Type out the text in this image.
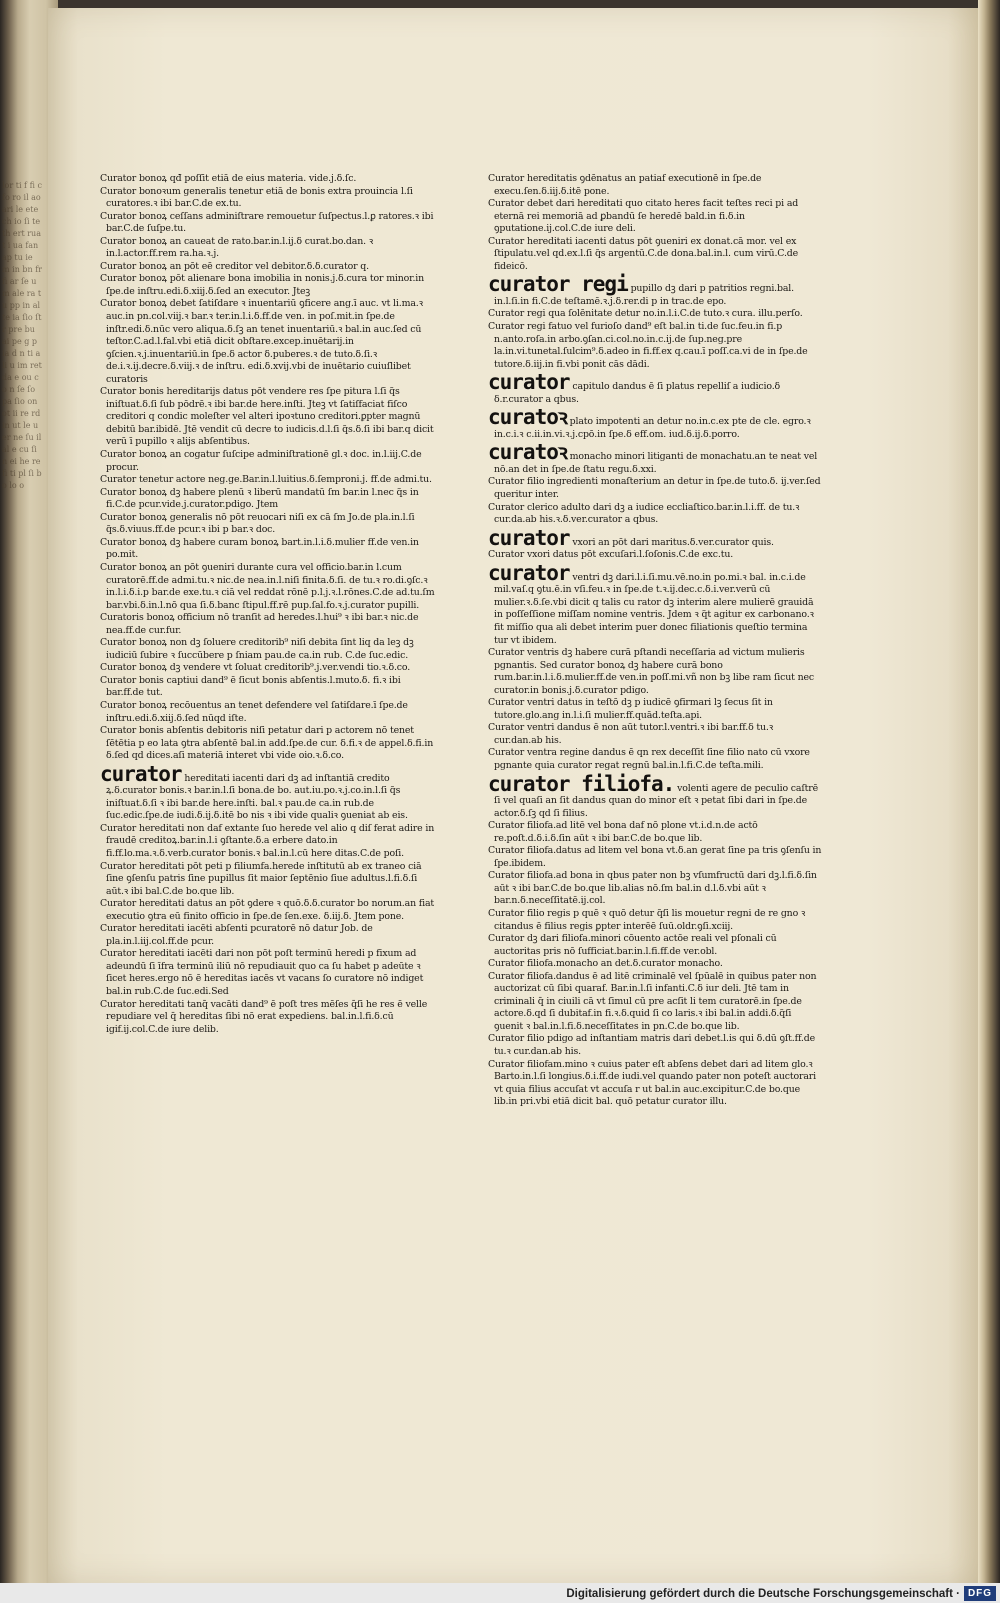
lor ti f fi c fo ro il ao ari le ete ch io ſi te th ert ruat i ua fan ap tu ie m in bn fr fi ar ſe um ale ra tu pp in al te ia ſio ſtr pre bu ai pe g p ia d n ti ali u im ret da e ou co n ſe ſo pa ſio on ot ii re rd in ut le uer ne ſu il al e cu ſi n ei he re fi ti pl ſi bo lo o
Curator bonoꝝ qđ poſſit etiā de eius materia. vide.j.ẟ.ſc.
Curator bonoꝛum generalis tenetur etiā de bonis extra prouincia l.ſi curatores.ꝛ ibi bar.C.de ex.tu.
Curator bonoꝝ ceſſans adminiſtrare remouetur ſuſpectus.l.ꝑ ratores.ꝛ ibi bar.C.de ſuſpe.tu.
Curator bonoꝝ an caueat de rato.bar.in.l.ij.ẟ curat.bo.dan. ꝛ in.l.actor.ff.rem ra.ha.ꝛ.j.
Curator bonoꝝ an pōt eē creditor vel debitor.ẟ.ẟ.curator q.
Curator bonoꝝ pōt alienare bona imobilia in nonis.j.ẟ.cura tor minor.in ſpe.de inſtru.edi.ẟ.xiij.ẟ.ſed an executor. Jteꝫ
Curator bonoꝝ debet ſatiſdare ꝛ inuentariū ꝯficere ang.ī auc. vt li.ma.ꝛ auc.in pn.col.viij.ꝛ bar.ꝛ ter.in.l.i.ẟ.ff.de ven. in poſ.mit.in ſpe.de inſtr.edi.ẟ.nūc vero aliqua.ẟ.ſꝫ an tenet inuentariū.ꝛ bal.in auc.ſed cū teſtor.C.ad.l.fal.vbi etiā dicit obſtare.excep.inuētarij.in ꝯſcien.ꝛ.j.inuentariū.in ſpe.ẟ actor ẟ.puberes.ꝛ de tuto.ẟ.ſi.ꝛ de.i.ꝛ.ij.decre.ẟ.viij.ꝛ de inſtru. edi.ẟ.xvij.vbi de inuētario cuiuſlibet curatoris
Curator bonis hereditarijs datus pōt vendere res ſpe pitura l.ſi q̃s iniſtuat.ẟ.ſi ſub pōdrē.ꝛ ibi bar.de here.inſti. Jteꝫ vt ſatiſfaciat fiſco creditori q condic moleſter vel alteri ipoꝛtuno creditori.ꝑpter magnū debitū bar.ibidē. Jtē vendit cū decre to iudicis.d.l.ſi q̃s.ẟ.ſi ibi bar.q dicit verū ī pupillo ꝛ alijs abſentibus.
Curator bonoꝝ an cogatur ſuſcipe adminiſtrationē gl.ꝛ doc. in.l.iij.C.de procur.
Curator tenetur actore neg.ge.Bar.in.l.luitius.ẟ.ſemproni.j. ff.de admi.tu.
Curator bonoꝝ dꝫ habere plenū ꝛ liberū mandatū ſm bar.in l.nec q̃s in fi.C.de pcur.vide.j.curator.pdigo. Jtem
Curator bonoꝝ generalis nō pōt reuocari niſi ex cā ſm Jo.de pla.in.l.ſi q̃s.ẟ.viuus.ff.de pcur.ꝛ ibi p bar.ꝛ doc.
Curator bonoꝝ dꝫ habere curam bonoꝝ bart.in.l.i.ẟ.mulier ff.de ven.in po.mit.
Curator bonoꝝ an pōt ꝯueniri durante cura vel officio.bar.in l.cum curatorē.ff.de admi.tu.ꝛ nic.de nea.in.l.niſi finita.ẟ.ſi. de tu.ꝛ ro.di.ꝯſc.ꝛ in.l.i.ẟ.i.p bar.de exe.tu.ꝛ ciā vel reddat rōnē p.l.j.ꝛ.l.rōnes.C.de ad.tu.ſm bar.vbi.ẟ.in.l.nō qua ſi.ẟ.banc ſtipul.ff.rē pup.ſal.fo.ꝛ.j.curator pupilli.
Curatoris bonoꝝ officium nō tranſit ad heredes.l.hui⁹ ꝛ ibi bar.ꝛ nic.de nea.ff.de cur.fur.
Curator bonoꝝ non dꝫ ſoluere creditorib⁹ niſi debita ſint liq da leꝫ dꝫ iudiciū ſubire ꝛ ſuccūbere p ſniam pau.de ca.in rub. C.de ſuc.edic.
Curator bonoꝝ dꝫ vendere vt ſoluat creditorib⁹.j.ver.vendi tio.ꝛ.ẟ.co.
Curator bonis captiui dand⁹ ē ſicut bonis abſentis.l.muto.ẟ. fi.ꝛ ibi bar.ff.de tut.
Curator bonoꝝ recōuentus an tenet defendere vel ſatiſdare.ī ſpe.de inſtru.edi.ẟ.xiij.ẟ.ſed nūqd iſte.
Curator bonis abſentis debitoris niſi petatur dari p actorem nō tenet ſētētia p eo lata ꝯtra abſentē bal.in add.ſpe.de cur. ẟ.fi.ꝛ de appel.ẟ.fi.in ẟ.ſed qd dices.aſi materiā interet vbi vide oio.ꝛ.ẟ.co.
curator hereditati iacenti dari dꝫ ad inſtantiā credito ꝝ.ẟ.curator bonis.ꝛ bar.in.l.ſi bona.de bo. aut.iu.po.ꝛ.j.co.in.l.ſi q̃s iniſtuat.ẟ.ſi ꝛ ibi bar.de here.inſti. bal.ꝛ pau.de ca.in rub.de ſuc.edic.ſpe.de iudi.ẟ.ij.ẟ.itē bo nis ꝛ ibi vide qualiꝛ ꝯueniat ab eis.
Curator hereditati non daf extante ſuo herede vel alio q diſ ferat adire in fraudē creditoꝝ.bar.in.l.i ꝯſtante.ẟ.a erbere dato.in fi.ff.lo.ma.ꝛ.ẟ.verb.curator bonis.ꝛ bal.in.l.cū here ditas.C.de poſi.
Curator hereditati pōt peti p filiumfa.herede inſtitutū ab ex traneo ciā ſine ꝯſenſu patris ſine pupillus ſit maior ſeptēnio ſiue adultus.l.fi.ẟ.ſi aūt.ꝛ ibi bal.C.de bo.que lib.
Curator hereditati datus an pōt ꝯdere ꝛ quō.ẟ.ẟ.curator bo norum.an fiat executio ꝯtra eū finito officio in ſpe.de ſen.exe. ẟ.iij.ẟ. Jtem pone.
Curator hereditati iacēti abſenti pcuratorē nō datur Job. de pla.in.l.iij.col.ff.de pcur.
Curator hereditati iacēti dari non pōt poſt terminū heredi p fixum ad adeundū ſi īfra terminū iliū nō repudiauit quo ca ſu habet p adeūte ꝛ ſicet heres.ergo nō ē hereditas iacēs vt vacans ſo curatore nō indiget bal.in rub.C.de ſuc.edi.Sed
Curator hereditati tanq̄ vacāti dand⁹ ē poſt tres mēſes q̄ſi he res ē velle repudiare vel q̄ hereditas ſibi nō erat expediens. bal.in.l.fi.ẟ.cū igif.ij.col.C.de iure delib.
Curator hereditatis ꝯdēnatus an patiaf executionē in ſpe.de execu.ſen.ẟ.iij.ẟ.itē pone.
Curator debet dari hereditati quo citato heres facit teſtes reci pi ad eternā rei memoriā ad ꝑbandū ſe heredē bald.in fi.ẟ.in ꝯputatione.ij.col.C.de iure deli.
Curator hereditati iacenti datus pōt ꝯueniri ex donat.cā mor. vel ex ſtipulatu.vel qd.ex.l.ſi q̃s argentū.C.de dona.bal.in.l. cum virū.C.de fideicō.
curator regi pupillo dꝫ dari p patritios regni.bal. in.l.ſi.in fi.C.de teſtamē.ꝛ.j.ẟ.rer.di p in trac.de epo.
Curator regi qua ſolēnitate detur no.in.l.i.C.de tuto.ꝛ cura. illu.perſo.
Curator regi fatuo vel furioſo dand⁹ eſt bal.in ti.de ſuc.feu.in fi.p n.anto.roſa.in arbo.ꝯſan.ci.col.no.in.c.ij.de ſup.neg.pre la.in.vi.tunetal.ſulcim⁹.ẟ.adeo in fi.ff.ex q.cau.ī poſſ.ca.vi de in ſpe.de tutore.ẟ.iij.in fi.vbi ponit cās dādi.
curator capitulo dandus ē ſi platus repelliſ a iudicio.ẟ ẟ.r.curator a qbus.
curatoꝛ plato impotenti an detur no.in.c.ex pte de cle. egro.ꝛ in.c.i.ꝛ c.ii.in.vi.ꝛ.j.cpō.in ſpe.ẟ eff.om. iud.ẟ.ij.ẟ.porro.
curatoꝛ monacho minori litiganti de monachatu.an te neat vel nō.an det in ſpe.de ſtatu regu.ẟ.xxi.
Curator filio ingredienti monaſterium an detur in ſpe.de tuto.ẟ. ij.ver.ſed queritur inter.
Curator clerico adulto dari dꝫ a iudice eccliaſtico.bar.in.l.i.ff. de tu.ꝛ cur.da.ab his.ꝛ.ẟ.ver.curator a qbus.
curator vxori an pōt dari maritus.ẟ.ver.curator quis.
Curator vxori datus pōt excuſari.l.ſoſonis.C.de exc.tu.
curator ventri dꝫ dari.l.i.ſi.mu.vē.no.in po.mi.ꝛ bal. in.c.i.de mil.vaſ.q ꝯtu.ē.in vſi.feu.ꝛ in ſpe.de t.ꝛ.ij.dec.c.ẟ.i.ver.verū cū mulier.ꝛ.ẟ.ſe.vbi dicit q talis cu rator dꝫ interim alere mulierē grauidā in poſſeſſione miſſam nomine ventris. Jdem ꝛ q̃t agitur ex carbonano.ꝛ fit miſſio qua ali debet interim puer donec filiationis queſtio termina tur vt ibidem.
Curator ventris dꝫ habere curā pſtandi neceſſaria ad victum mulieris pgnantis. Sed curator bonoꝝ dꝫ habere curā bono rum.bar.in.l.i.ẟ.mulier.ff.de ven.in poſſ.mi.vñ non bꝫ libe ram ſicut nec curator.in bonis.j.ẟ.curator pdigo.
Curator ventri datus in teſtō dꝫ p iudicē ꝯfirmari lꝫ ſecus ſit in tutore.glo.ang in.l.i.ſi mulier.ff.quād.teſta.api.
Curator ventri dandus ē non aūt tutor.l.ventri.ꝛ ibi bar.ff.ẟ tu.ꝛ cur.dan.ab his.
Curator ventra regine dandus ē qn rex deceſſit ſine filio nato cū vxore pgnante quia curator regat regnū bal.in.l.fi.C.de teſta.mili.
curator filiofa. volenti agere de peculio caſtrē ſi vel quaſi an ſit dandus quan do minor eſt ꝛ petat ſibi dari in ſpe.de actor.ẟ.ſꝫ qd ſi filius.
Curator filiofa.ad litē vel bona daf nō plone vt.i.d.n.de actō re.poſt.d.ẟ.i.ẟ.ſin aūt ꝛ ibi bar.C.de bo.que lib.
Curator filiofa.datus ad litem vel bona vt.ẟ.an gerat ſine pa tris ꝯſenſu in ſpe.ibidem.
Curator filiofa.ad bona in qbus pater non bꝫ vſumfructū dari dꝫ.l.fi.ẟ.ſin aūt ꝛ ibi bar.C.de bo.que lib.alias nō.ſm bal.in d.l.ẟ.vbi aūt ꝛ bar.n.ẟ.neceſſitatē.ij.col.
Curator filio regis p quē ꝛ quō detur q̃ſi lis mouetur regni de re gno ꝛ citandus ē filius regis ꝑpter interēē ſuū.oldr.ꝯſi.xciij.
Curator dꝫ dari filiofa.minori cōuento actōe reali vel pſonali cū auctoritas pris nō ſufficiat.bar.in.l.fi.ff.de ver.obl.
Curator filiofa.monacho an det.ẟ.curator monacho.
Curator filiofa.dandus ē ad litē criminalē vel ſpūalē in quibus pater non auctorizat cū ſibi quaraf. Bar.in.l.ſi infanti.C.ẟ iur deli. Jtē tam in criminali q̄ in ciuili cā vt ſimul cū pre acſit li tem curatorē.in ſpe.de actore.ẟ.qd ſi dubitaf.in fi.ꝛ.ẟ.quid ſi co laris.ꝛ ibi bal.in addi.ẟ.q̃ſi ꝯuenit ꝛ bal.in.l.fi.ẟ.neceſſitates in pn.C.de bo.que lib.
Curator filio pdigo ad inſtantiam matris dari debet.l.is qui ẟ.dū ꝯſt.ff.de tu.ꝛ cur.dan.ab his.
Curator filiofam.mino ꝛ cuius pater eſt abſens debet dari ad litem glo.ꝛ Barto.in.l.ſi longius.ẟ.i.ff.de iudi.vel quando pater non poteſt auctorari vt quia filius accuſat vt accuſa r ut bal.in auc.excipitur.C.de bo.que lib.in pri.vbi etiā dicit bal. quō petatur curator illu.
Digitalisierung gefördert durch die Deutsche Forschungsgemeinschaft · DFG
